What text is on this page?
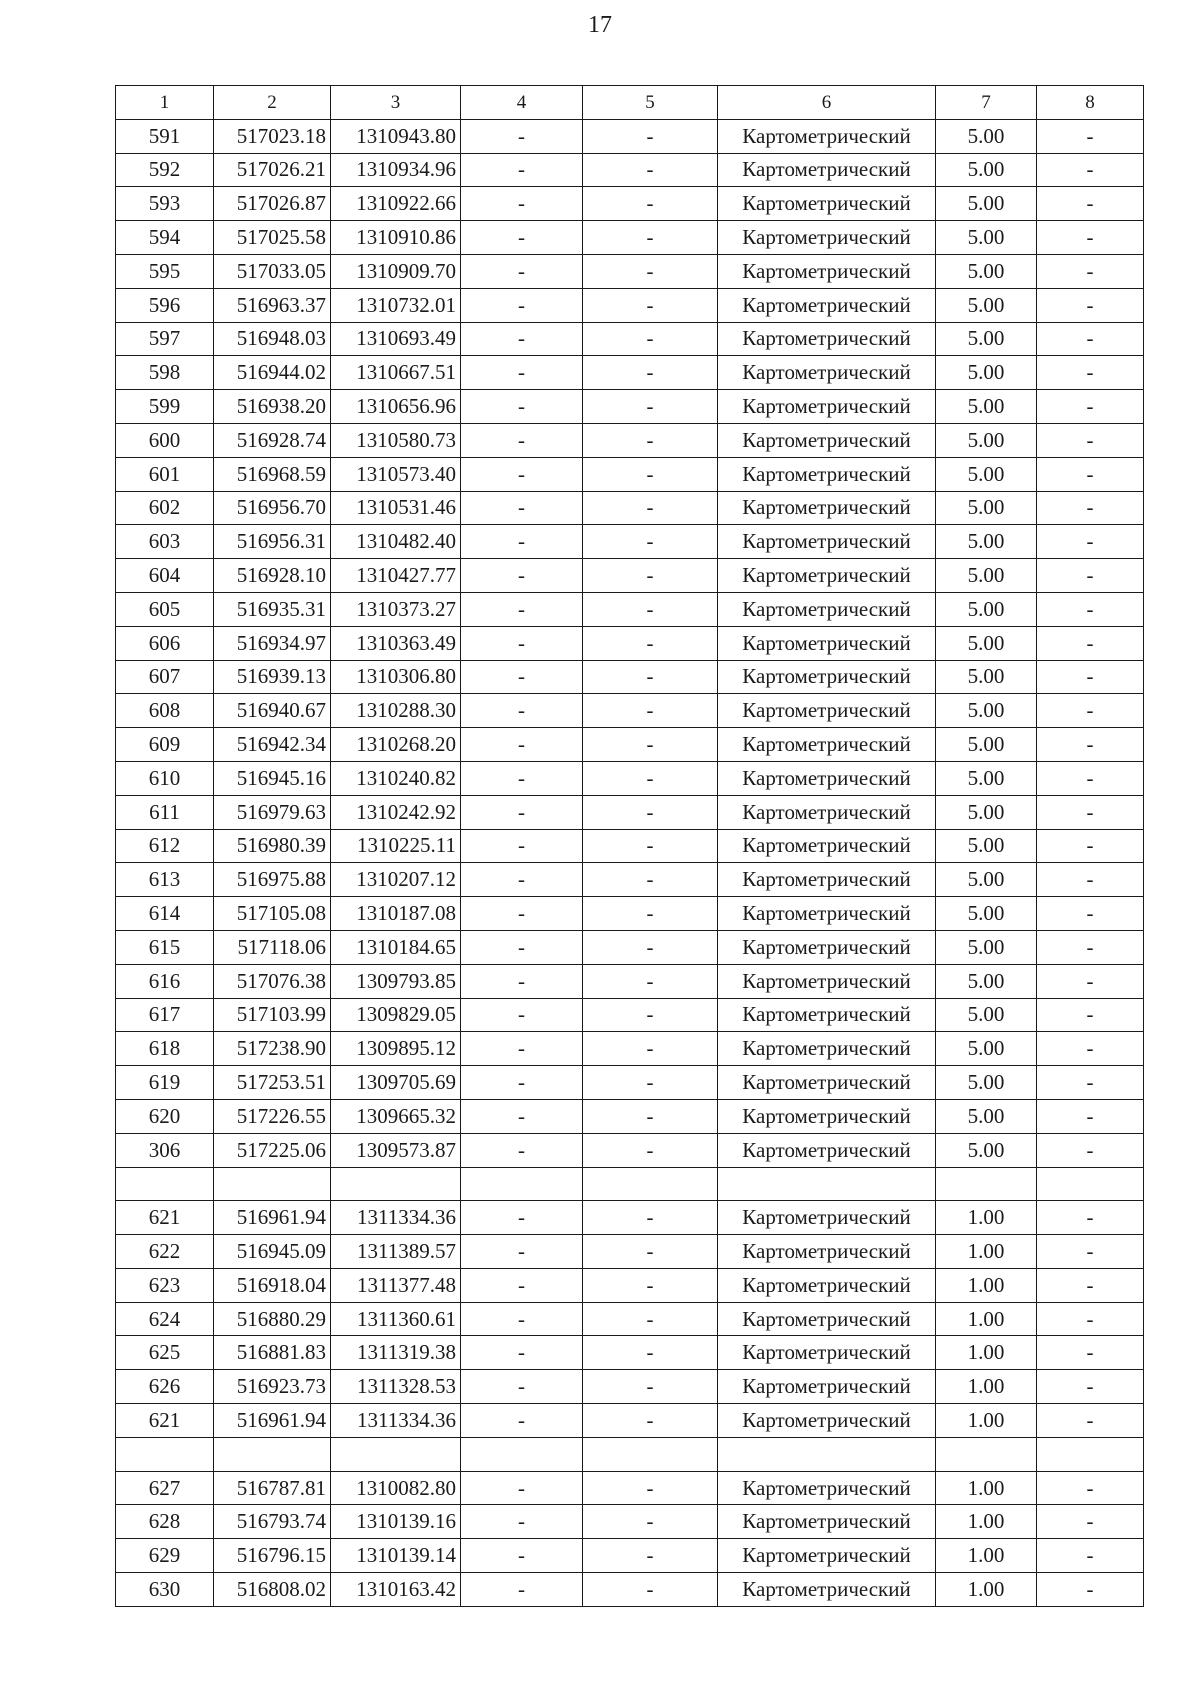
17
1	2	3	4	5	6	7	8
591	517023.18	1310943.80	-	-	Картометрический	5.00	-
592	517026.21	1310934.96	-	-	Картометрический	5.00	-
593	517026.87	1310922.66	-	-	Картометрический	5.00	-
594	517025.58	1310910.86	-	-	Картометрический	5.00	-
595	517033.05	1310909.70	-	-	Картометрический	5.00	-
596	516963.37	1310732.01	-	-	Картометрический	5.00	-
597	516948.03	1310693.49	-	-	Картометрический	5.00	-
598	516944.02	1310667.51	-	-	Картометрический	5.00	-
599	516938.20	1310656.96	-	-	Картометрический	5.00	-
600	516928.74	1310580.73	-	-	Картометрический	5.00	-
601	516968.59	1310573.40	-	-	Картометрический	5.00	-
602	516956.70	1310531.46	-	-	Картометрический	5.00	-
603	516956.31	1310482.40	-	-	Картометрический	5.00	-
604	516928.10	1310427.77	-	-	Картометрический	5.00	-
605	516935.31	1310373.27	-	-	Картометрический	5.00	-
606	516934.97	1310363.49	-	-	Картометрический	5.00	-
607	516939.13	1310306.80	-	-	Картометрический	5.00	-
608	516940.67	1310288.30	-	-	Картометрический	5.00	-
609	516942.34	1310268.20	-	-	Картометрический	5.00	-
610	516945.16	1310240.82	-	-	Картометрический	5.00	-
611	516979.63	1310242.92	-	-	Картометрический	5.00	-
612	516980.39	1310225.11	-	-	Картометрический	5.00	-
613	516975.88	1310207.12	-	-	Картометрический	5.00	-
614	517105.08	1310187.08	-	-	Картометрический	5.00	-
615	517118.06	1310184.65	-	-	Картометрический	5.00	-
616	517076.38	1309793.85	-	-	Картометрический	5.00	-
617	517103.99	1309829.05	-	-	Картометрический	5.00	-
618	517238.90	1309895.12	-	-	Картометрический	5.00	-
619	517253.51	1309705.69	-	-	Картометрический	5.00	-
620	517226.55	1309665.32	-	-	Картометрический	5.00	-
306	517225.06	1309573.87	-	-	Картометрический	5.00	-

621	516961.94	1311334.36	-	-	Картометрический	1.00	-
622	516945.09	1311389.57	-	-	Картометрический	1.00	-
623	516918.04	1311377.48	-	-	Картометрический	1.00	-
624	516880.29	1311360.61	-	-	Картометрический	1.00	-
625	516881.83	1311319.38	-	-	Картометрический	1.00	-
626	516923.73	1311328.53	-	-	Картометрический	1.00	-
621	516961.94	1311334.36	-	-	Картометрический	1.00	-

627	516787.81	1310082.80	-	-	Картометрический	1.00	-
628	516793.74	1310139.16	-	-	Картометрический	1.00	-
629	516796.15	1310139.14	-	-	Картометрический	1.00	-
630	516808.02	1310163.42	-	-	Картометрический	1.00	-
